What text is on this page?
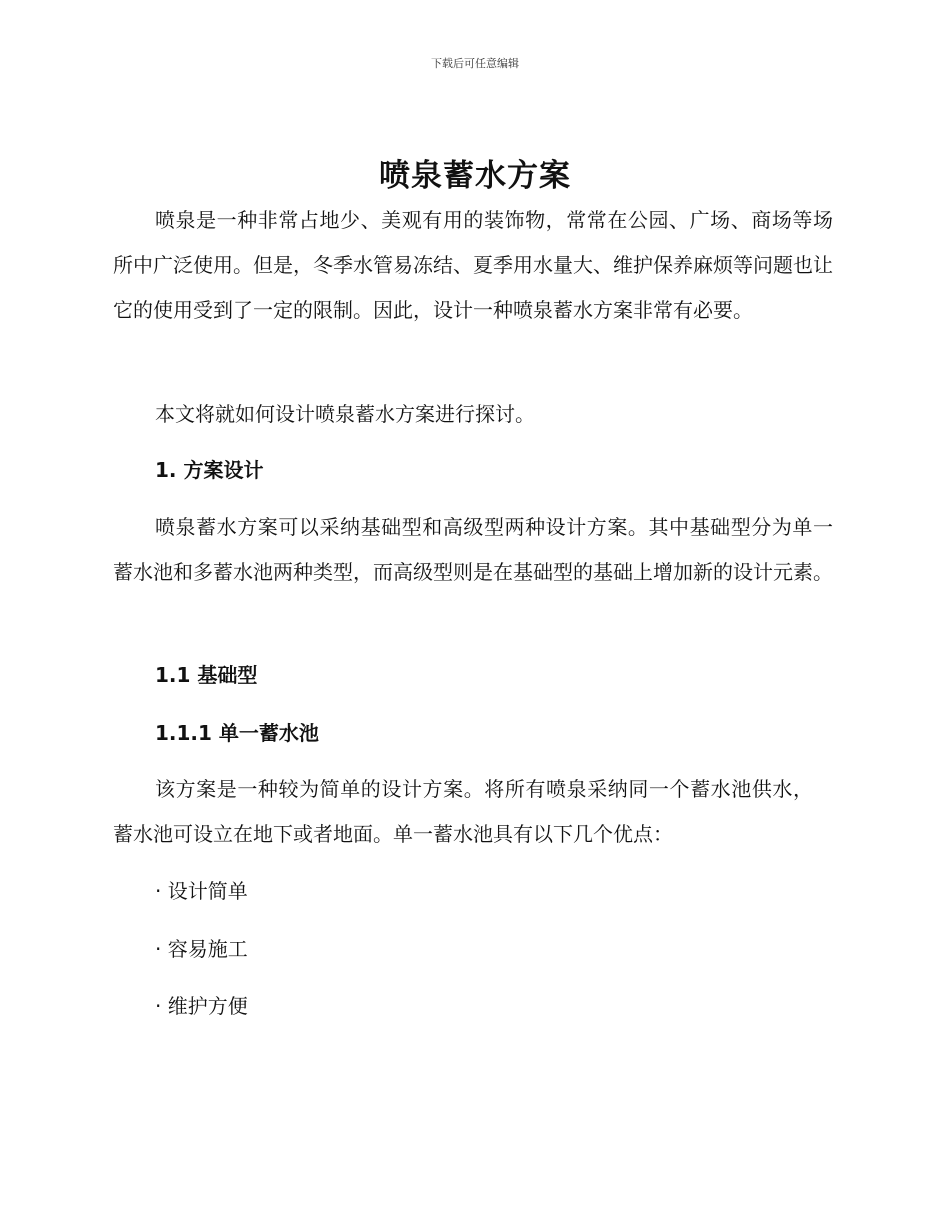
下载后可任意编辑
喷泉蓄水方案

喷泉是一种非常占地少、美观有用的装饰物，常常在公园、广场、商场等场所中广泛使用。但是，冬季水管易冻结、夏季用水量大、维护保养麻烦等问题也让它的使用受到了一定的限制。因此，设计一种喷泉蓄水方案非常有必要。

本文将就如何设计喷泉蓄水方案进行探讨。

1. 方案设计

喷泉蓄水方案可以采纳基础型和高级型两种设计方案。其中基础型分为单一蓄水池和多蓄水池两种类型，而高级型则是在基础型的基础上增加新的设计元素。

1.1 基础型
1.1.1 单一蓄水池

该方案是一种较为简单的设计方案。将所有喷泉采纳同一个蓄水池供水，蓄水池可设立在地下或者地面。单一蓄水池具有以下几个优点：

· 设计简单
· 容易施工
· 维护方便
